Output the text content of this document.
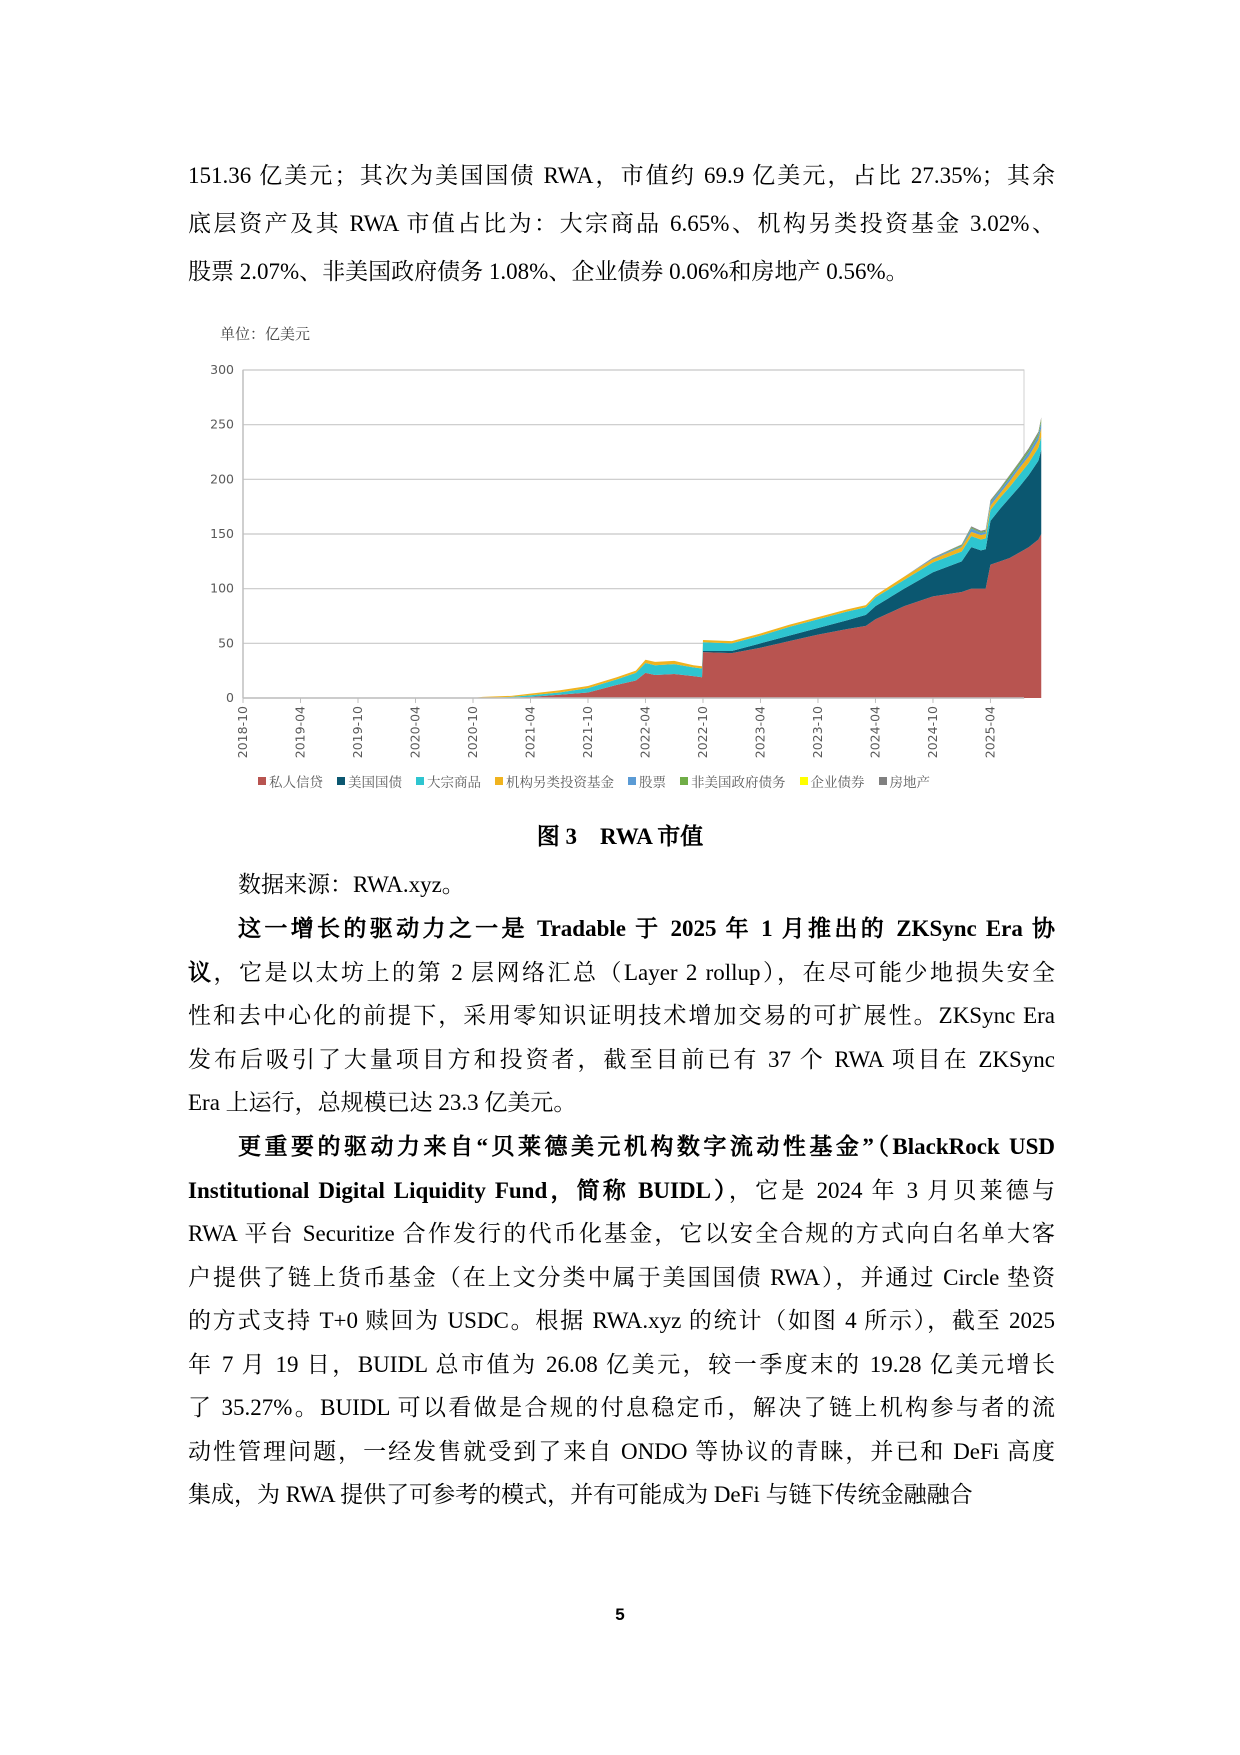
151.36 亿美元；其次为美国国债 RWA，市值约 69.9 亿美元，占比 27.35%；其余
底层资产及其 RWA 市值占比为：大宗商品 6.65%、机构另类投资基金 3.02%、
股票 2.07%、非美国政府债务 1.08%、企业债券 0.06%和房地产 0.56%。
单位：亿美元
0
50
100
150
200
250
300
2018-10	2019-04	2019-10	2020-04	2020-10	2021-04	2021-10	2022-04	2022-10	2023-04	2023-10	2024-04	2024-10	2025-04
私人信贷 美国国债 大宗商品 机构另类投资基金 股票 非美国政府债务 企业债券 房地产
图 3　RWA 市值
数据来源：RWA.xyz。
这一增长的驱动力之一是 Tradable 于 2025 年 1 月推出的 ZKSync Era 协
议，它是以太坊上的第 2 层网络汇总（Layer 2 rollup），在尽可能少地损失安全
性和去中心化的前提下，采用零知识证明技术增加交易的可扩展性。ZKSync Era
发布后吸引了大量项目方和投资者，截至目前已有 37 个 RWA 项目在 ZKSync
Era 上运行，总规模已达 23.3 亿美元。
更重要的驱动力来自“贝莱德美元机构数字流动性基金”（BlackRock USD
Institutional Digital Liquidity Fund，简称 BUIDL），它是 2024 年 3 月贝莱德与
RWA 平台 Securitize 合作发行的代币化基金，它以安全合规的方式向白名单大客
户提供了链上货币基金（在上文分类中属于美国国债 RWA），并通过 Circle 垫资
的方式支持 T+0 赎回为 USDC。根据 RWA.xyz 的统计（如图 4 所示），截至 2025
年 7 月 19 日，BUIDL 总市值为 26.08 亿美元，较一季度末的 19.28 亿美元增长
了 35.27%。BUIDL 可以看做是合规的付息稳定币，解决了链上机构参与者的流
动性管理问题，一经发售就受到了来自 ONDO 等协议的青睐，并已和 DeFi 高度
集成，为 RWA 提供了可参考的模式，并有可能成为 DeFi 与链下传统金融融合
5
